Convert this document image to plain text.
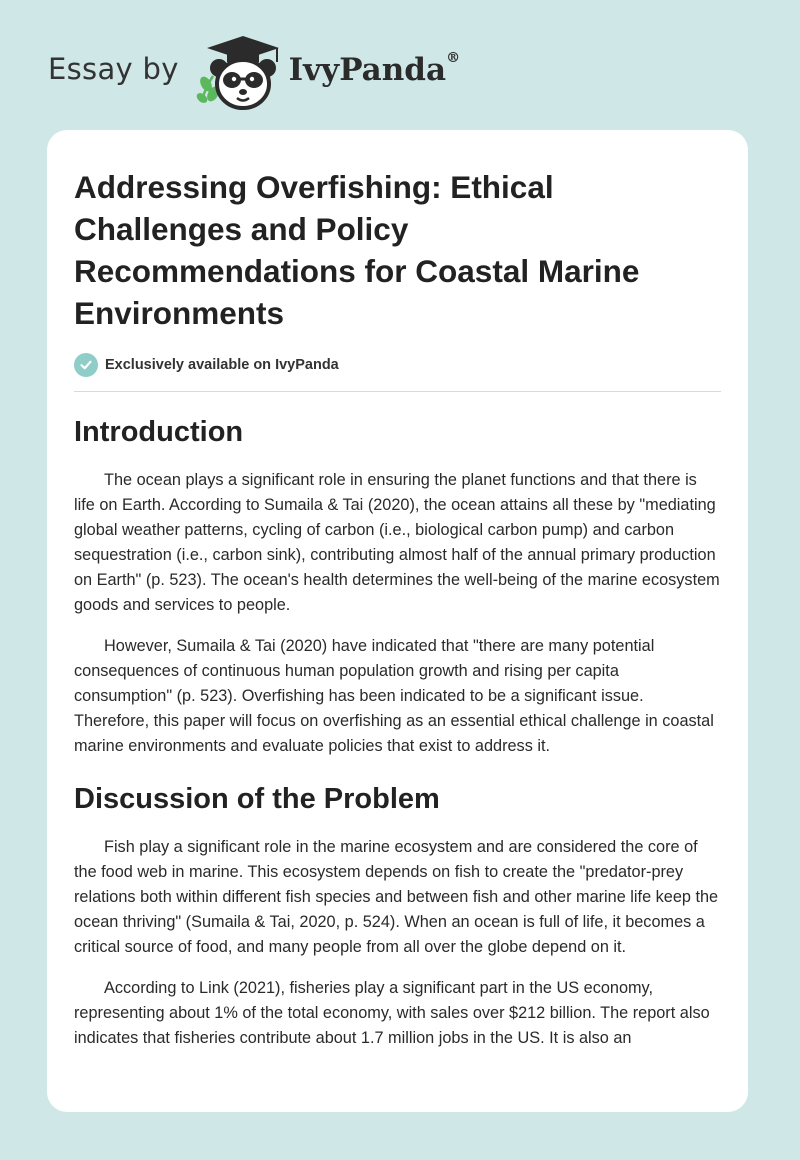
Essay by	IvyPanda®
Addressing Overfishing: Ethical Challenges and Policy Recommendations for Coastal Marine Environments
Exclusively available on IvyPanda
Introduction

The ocean plays a significant role in ensuring the planet functions and that there is life on Earth. According to Sumaila & Tai (2020), the ocean attains all these by "mediating global weather patterns, cycling of carbon (i.e., biological carbon pump) and carbon sequestration (i.e., carbon sink), contributing almost half of the annual primary production on Earth" (p. 523). The ocean's health determines the well-being of the marine ecosystem goods and services to people.

However, Sumaila & Tai (2020) have indicated that "there are many potential consequences of continuous human population growth and rising per capita consumption" (p. 523). Overfishing has been indicated to be a significant issue. Therefore, this paper will focus on overfishing as an essential ethical challenge in coastal marine environments and evaluate policies that exist to address it.

Discussion of the Problem

Fish play a significant role in the marine ecosystem and are considered the core of the food web in marine. This ecosystem depends on fish to create the "predator-prey relations both within different fish species and between fish and other marine life keep the ocean thriving" (Sumaila & Tai, 2020, p. 524). When an ocean is full of life, it becomes a critical source of food, and many people from all over the globe depend on it.

According to Link (2021), fisheries play a significant part in the US economy, representing about 1% of the total economy, with sales over $212 billion. The report also indicates that fisheries contribute about 1.7 million jobs in the US. It is also an
